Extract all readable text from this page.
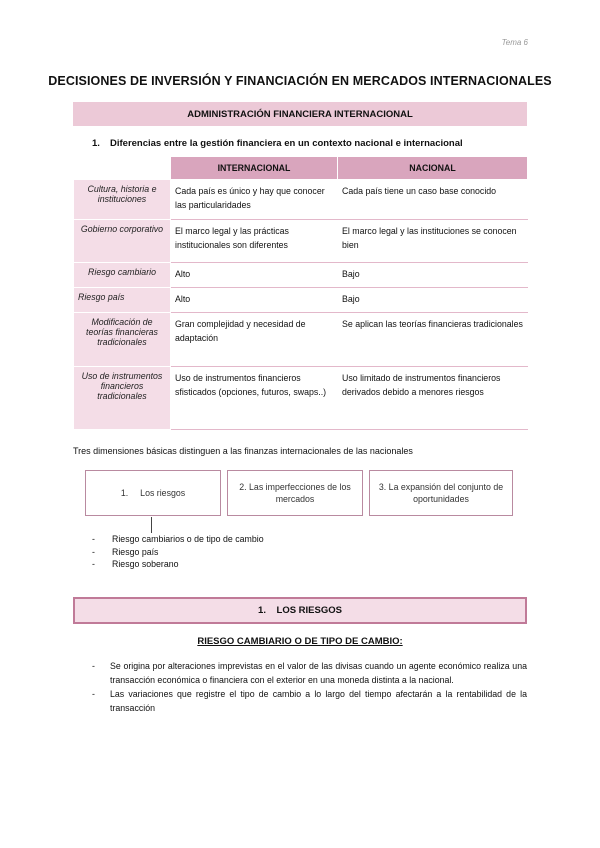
Tema 6
DECISIONES DE INVERSIÓN Y FINANCIACIÓN EN MERCADOS INTERNACIONALES
ADMINISTRACIÓN FINANCIERA INTERNACIONAL
1. Diferencias entre la gestión financiera en un contexto nacional e internacional
	INTERNACIONAL	NACIONAL
Cultura, historia e instituciones	Cada país es único y hay que conocer las particularidades	Cada país tiene un caso base conocido
Gobierno corporativo	El marco legal y las prácticas institucionales son diferentes	El marco legal y las instituciones se conocen bien
Riesgo cambiario	Alto	Bajo
Riesgo país	Alto	Bajo
Modificación de teorías financieras tradicionales	Gran complejidad y necesidad de adaptación	Se aplican las teorías financieras tradicionales
Uso de instrumentos financieros tradicionales	Uso de instrumentos financieros sfisticados (opciones, futuros, swaps..)	Uso limitado de instrumentos financieros derivados debido a menores riesgos
Tres dimensiones básicas distinguen a las finanzas internacionales de las nacionales
1. Los riesgos
2. Las imperfecciones de los mercados
3. La expansión del conjunto de oportunidades
- Riesgo cambiarios o de tipo de cambio
- Riesgo país
- Riesgo soberano
1.    LOS RIESGOS
RIESGO CAMBIARIO O DE TIPO DE CAMBIO:
- Se origina por alteraciones imprevistas en el valor de las divisas cuando un agente económico realiza una transacción económica o financiera con el exterior en una moneda distinta a la nacional.
- Las variaciones que registre el tipo de cambio a lo largo del tiempo afectarán a la rentabilidad de la transacción
